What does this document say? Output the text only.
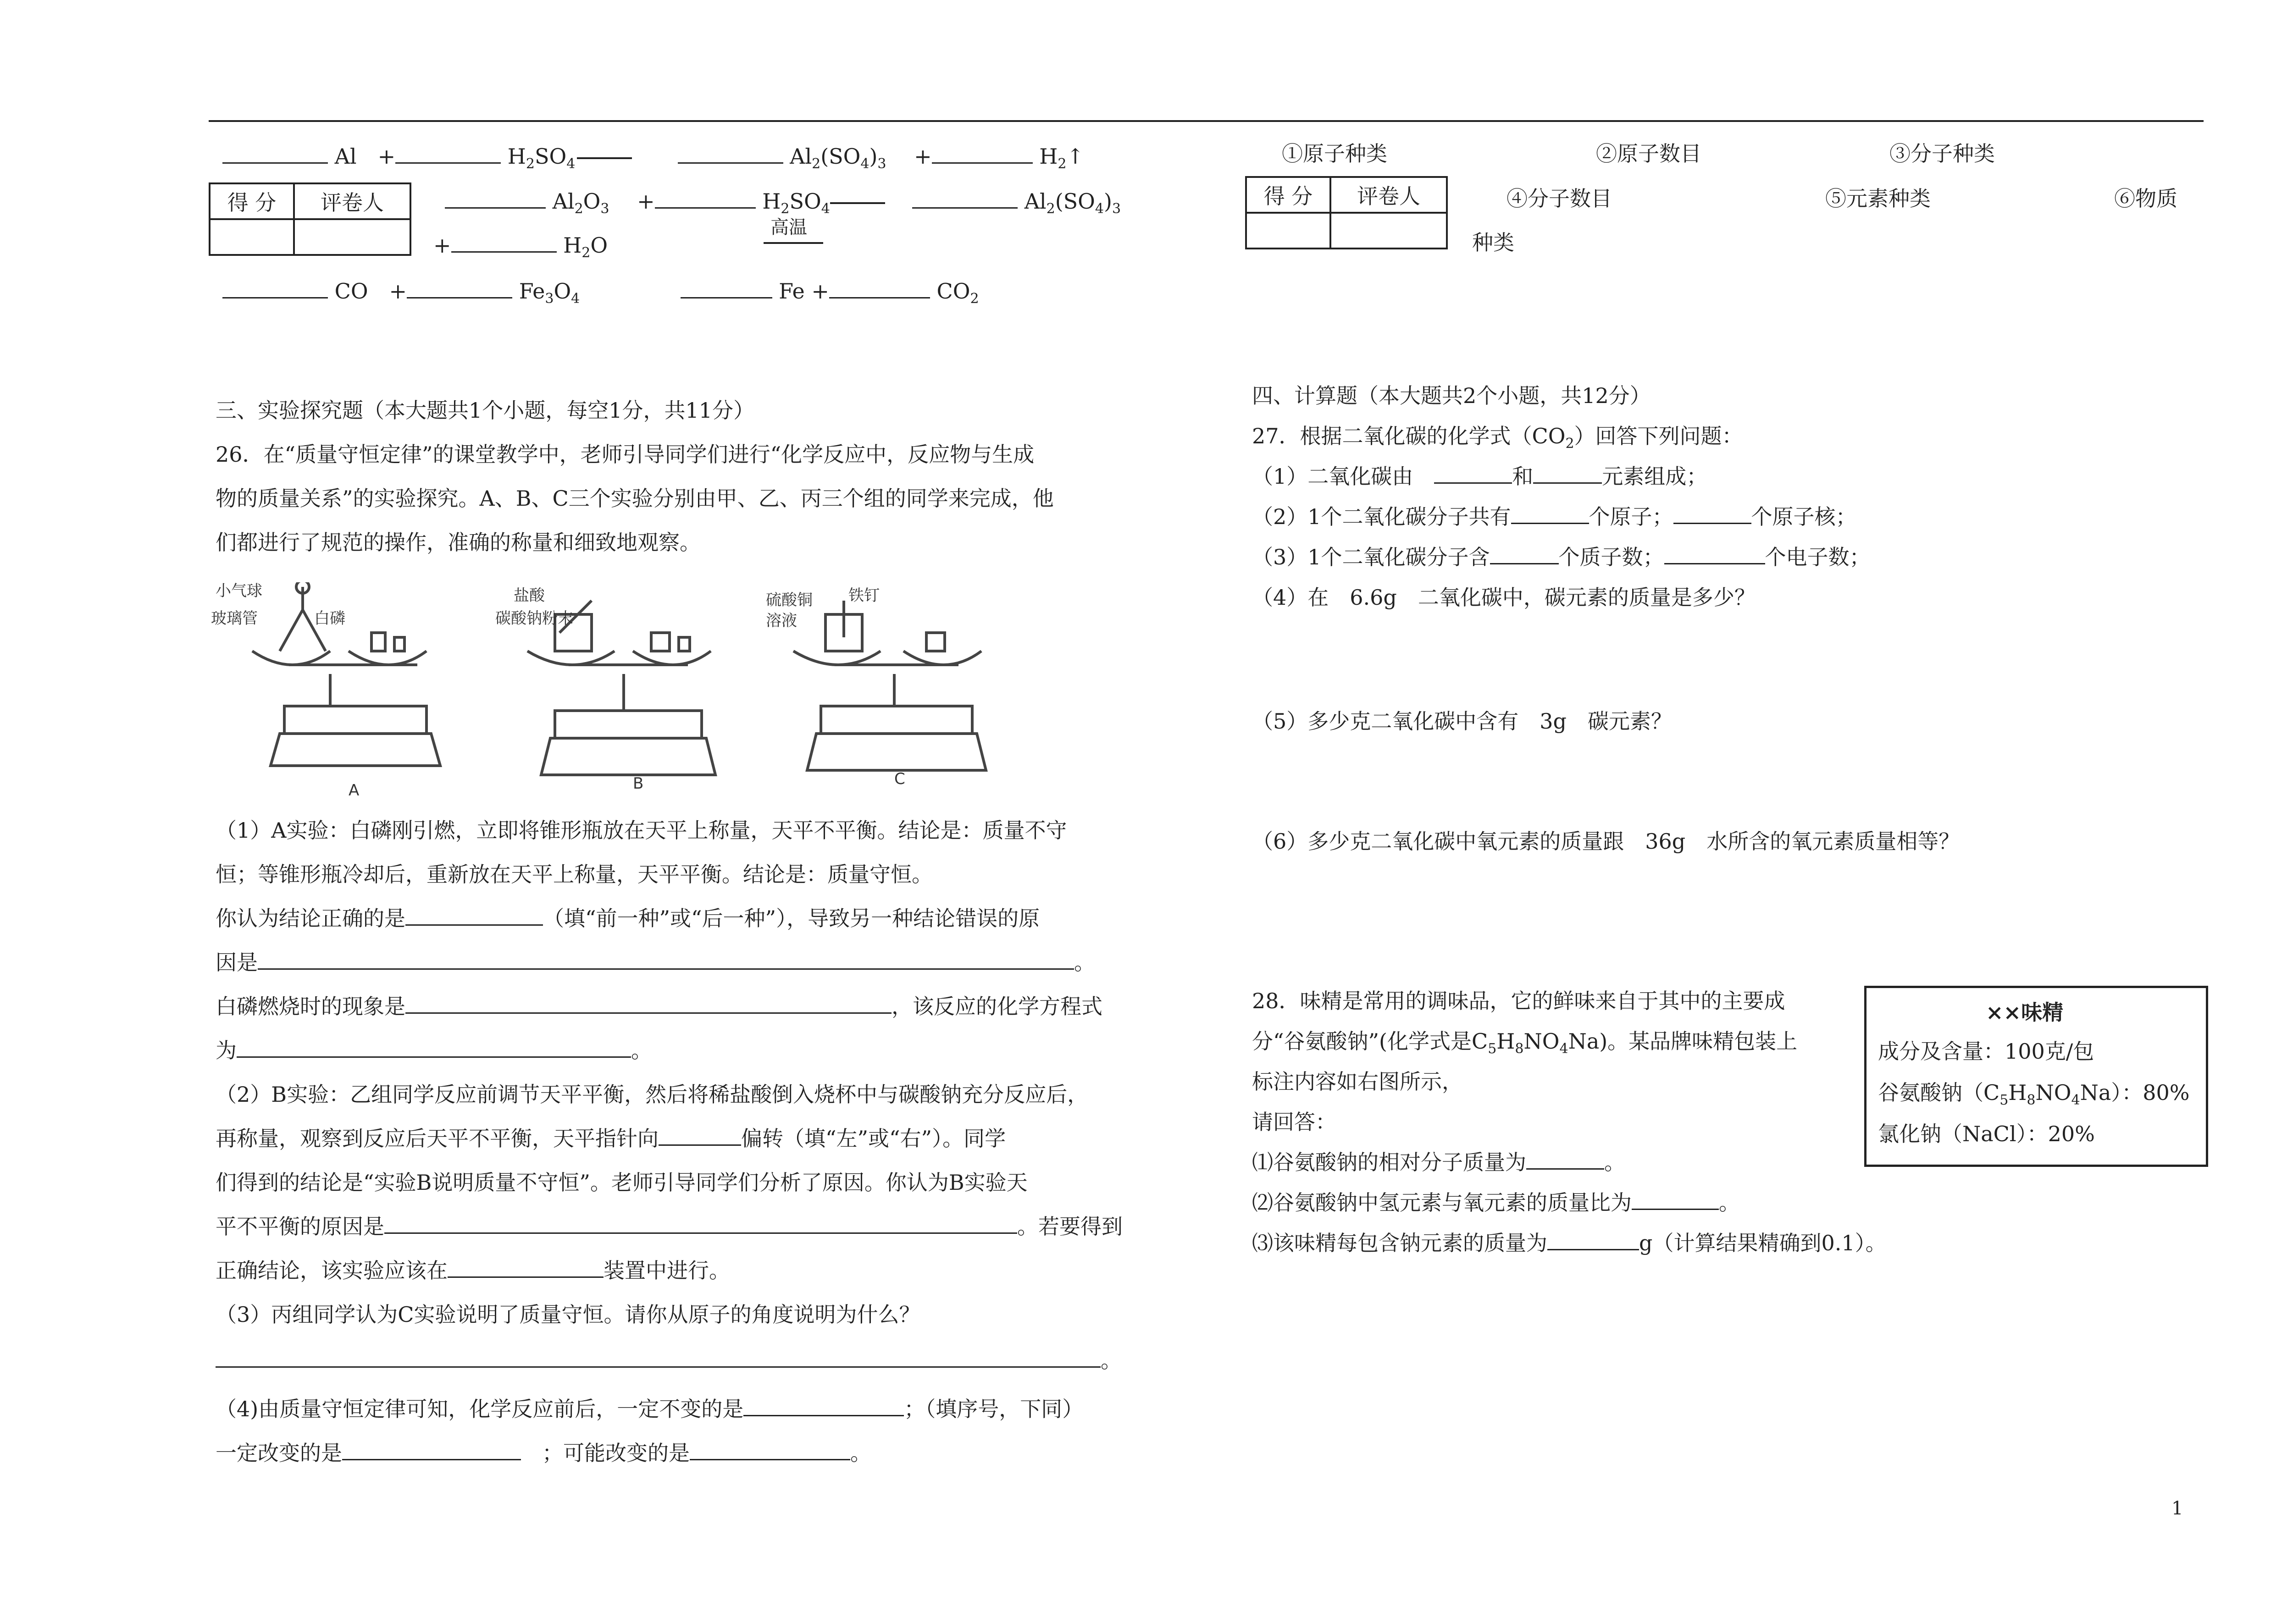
Al　 +	$H_2SO_4$	$Al_2(SO_4)_3$ 　 +	$H_2↑$
得 分	评卷人
		$Al_2O_3$ 　 +	$H_2SO_4$	$Al_2(SO_4)_3$
高温
+	$H_2O$
CO　 +	$Fe_3O_4$	Fe +	$CO_2$
①原子种类	②原子数目	③分子种类
得 分	评卷人
		④分子数目	⑤元素种类	⑥物质
种类
三、实验探究题（本大题共1个小题，每空1分，共11分）
26．在“质量守恒定律”的课堂教学中，老师引导同学们进行“化学反应中，反应物与生成
物的质量关系”的实验探究。A、B、C三个实验分别由甲、乙、丙三个组的同学来完成，他
们都进行了规范的操作，准确的称量和细致地观察。
小气球
玻璃管	白磷
A
盐酸
碳酸钠粉末
B
硫酸铜
溶液
铁钉
C
（1）A实验：白磷刚引燃，立即将锥形瓶放在天平上称量，天平不平衡。结论是：质量不守
恒；等锥形瓶冷却后，重新放在天平上称量，天平平衡。结论是：质量守恒。
你认为结论正确的是	（填“前一种”或“后一种”），导致另一种结论错误的原
因是	。
白磷燃烧时的现象是	，该反应的化学方程式
为	。
（2）B实验：乙组同学反应前调节天平平衡，然后将稀盐酸倒入烧杯中与碳酸钠充分反应后，
再称量，观察到反应后天平不平衡，天平指针向	偏转（填“左”或“右”）。同学
们得到的结论是“实验B说明质量不守恒”。老师引导同学们分析了原因。你认为B实验天
平不平衡的原因是	。若要得到
正确结论，该实验应该在	装置中进行。
（3）丙组同学认为C实验说明了质量守恒。请你从原子的角度说明为什么？
。
（4)由质量守恒定律可知，化学反应前后，一定不变的是	；（填序号，下同）
一定改变的是　	；可能改变的是	。
四、计算题（本大题共2个小题，共12分）
27．根据二氧化碳的化学式$(CO_2)$回答下列问题：
（1）二氧化碳由　	和	元素组成；
（2）1个二氧化碳分子共有	个原子；	个原子核；
（3）1个二氧化碳分子含	个质子数；	个电子数；
（4）在　6.6g　二氧化碳中，碳元素的质量是多少？
（5）多少克二氧化碳中含有　3g　碳元素？
（6）多少克二氧化碳中氧元素的质量跟　36g　水所含的氧元素质量相等？
28．味精是常用的调味品，它的鲜味来自于其中的主要成
分“谷氨酸钠”(化学式是$C_5H_8NO_4Na$)。某品牌味精包装上
标注内容如右图所示，
请回答：
⑴谷氨酸钠的相对分子质量为	。
⑵谷氨酸钠中氢元素与氧元素的质量比为	。
⑶该味精每包含钠元素的质量为	g（计算结果精确到0.1）。
××味精
成分及含量：100克/包
谷氨酸钠$(C_5H_8NO_4Na)$：80%
氯化钠（NaCl）：20%
1
